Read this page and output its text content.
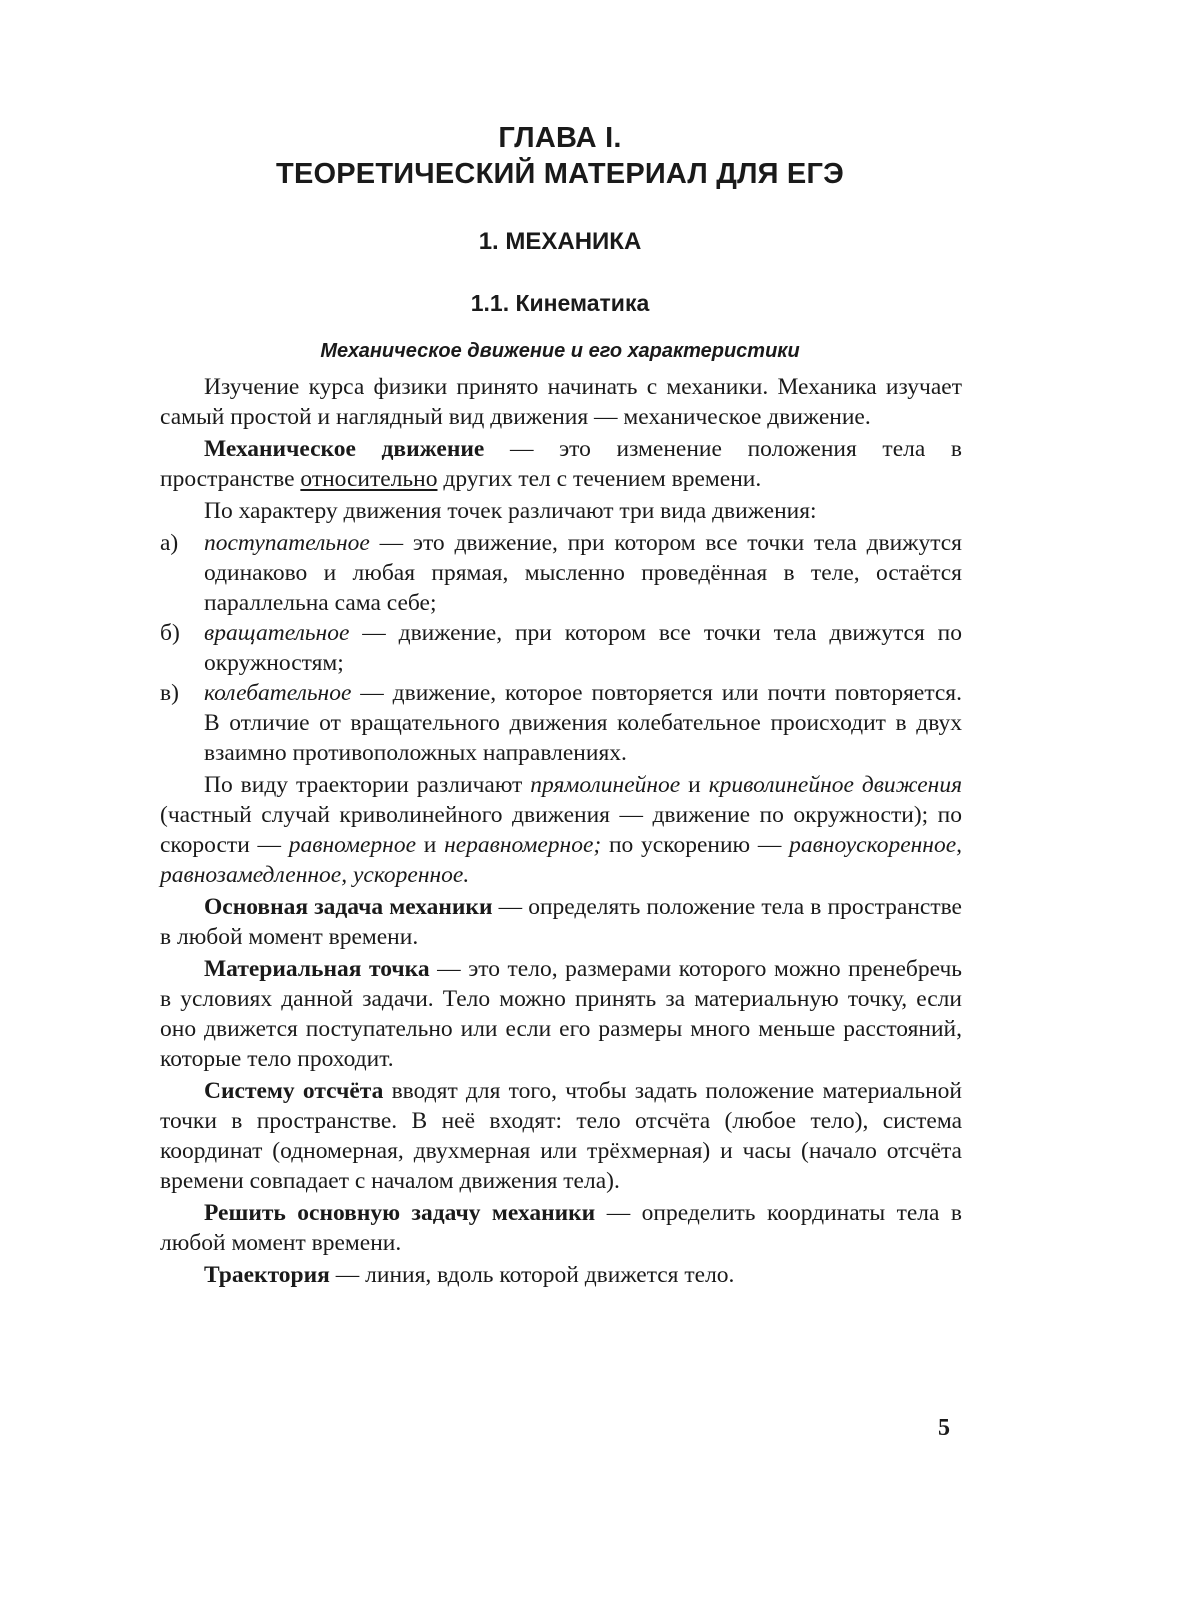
ГЛАВА I.
ТЕОРЕТИЧЕСКИЙ МАТЕРИАЛ ДЛЯ ЕГЭ
1. МЕХАНИКА
1.1. Кинематика
Механическое движение и его характеристики

Изучение курса физики принято начинать с механики. Механика изучает самый простой и наглядный вид движения — механическое движение.

Механическое движение — это изменение положения тела в пространстве относительно других тел с течением времени.

По характеру движения точек различают три вида движения:

а) поступательное — это движение, при котором все точки тела движутся одинаково и любая прямая, мысленно проведённая в теле, остаётся параллельна сама себе;
б) вращательное — движение, при котором все точки тела движутся по окружностям;
в) колебательное — движение, которое повторяется или почти повторяется. В отличие от вращательного движения колебательное происходит в двух взаимно противоположных направлениях.

По виду траектории различают прямолинейное и криволинейное движения (частный случай криволинейного движения — движение по окружности); по скорости — равномерное и неравномерное; по ускорению — равноускоренное, равнозамедленное, ускоренное.

Основная задача механики — определять положение тела в пространстве в любой момент времени.

Материальная точка — это тело, размерами которого можно пренебречь в условиях данной задачи. Тело можно принять за материальную точку, если оно движется поступательно или если его размеры много меньше расстояний, которые тело проходит.

Систему отсчёта вводят для того, чтобы задать положение материальной точки в пространстве. В неё входят: тело отсчёта (любое тело), система координат (одномерная, двухмерная или трёхмерная) и часы (начало отсчёта времени совпадает с началом движения тела).

Решить основную задачу механики — определить координаты тела в любой момент времени.

Траектория — линия, вдоль которой движется тело.

5
